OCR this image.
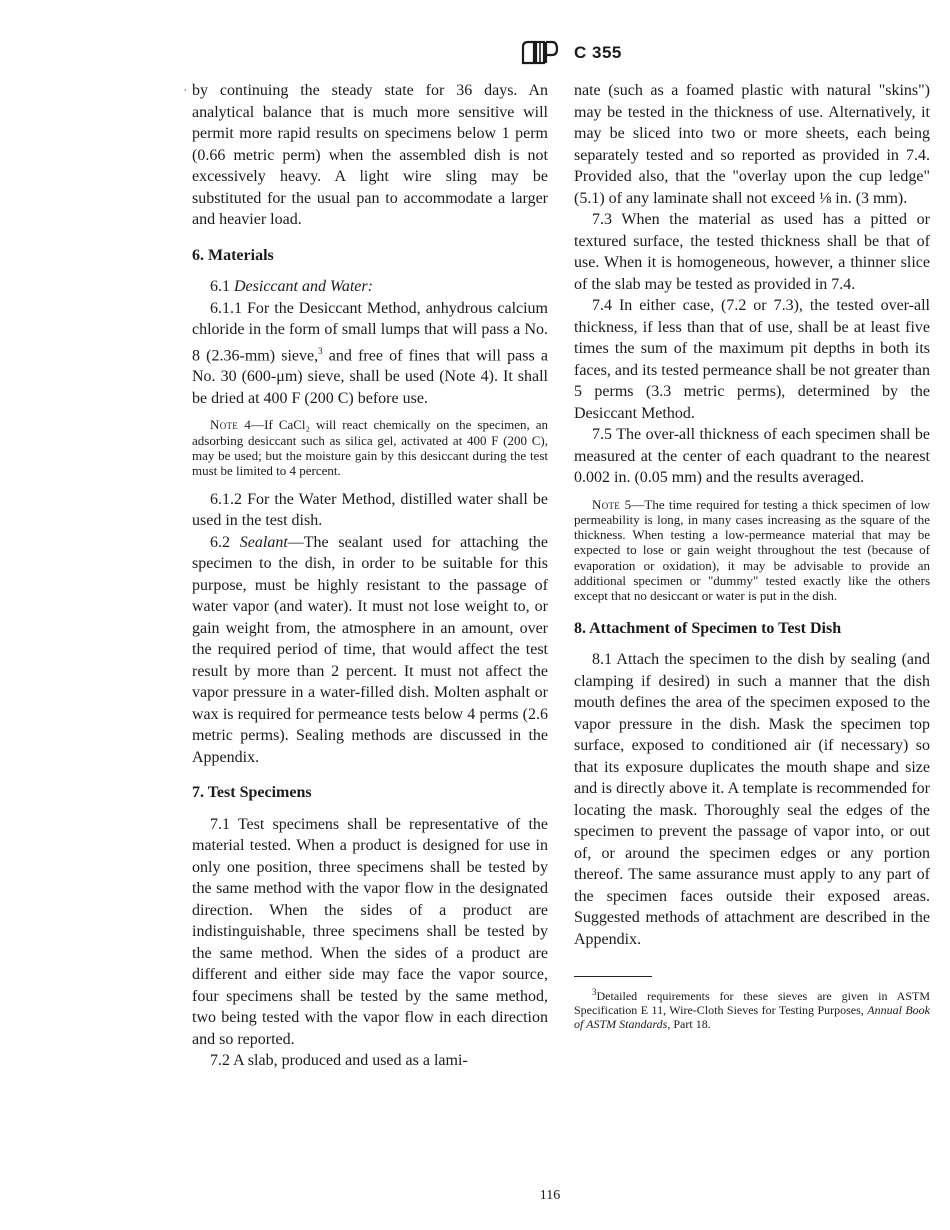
C 355
· by continuing the steady state for 36 days. An analytical balance that is much more sensitive will permit more rapid results on specimens below 1 perm (0.66 metric perm) when the assembled dish is not excessively heavy. A light wire sling may be substituted for the usual pan to accommodate a larger and heavier load.

6. Materials

6.1 Desiccant and Water:

6.1.1 For the Desiccant Method, anhydrous calcium chloride in the form of small lumps that will pass a No. 8 (2.36-mm) sieve,$^3$ and free of fines that will pass a No. 30 (600-μm) sieve, shall be used (Note 4). It shall be dried at 400 F (200 C) before use.

Note 4—If CaCl₂ will react chemically on the specimen, an adsorbing desiccant such as silica gel, activated at 400 F (200 C), may be used; but the moisture gain by this desiccant during the test must be limited to 4 percent.

6.1.2 For the Water Method, distilled water shall be used in the test dish.

6.2 Sealant—The sealant used for attaching the specimen to the dish, in order to be suitable for this purpose, must be highly resistant to the passage of water vapor (and water). It must not lose weight to, or gain weight from, the atmosphere in an amount, over the required period of time, that would affect the test result by more than 2 percent. It must not affect the vapor pressure in a water-filled dish. Molten asphalt or wax is required for permeance tests below 4 perms (2.6 metric perms). Sealing methods are discussed in the Appendix.

7. Test Specimens

7.1 Test specimens shall be representative of the material tested. When a product is designed for use in only one position, three specimens shall be tested by the same method with the vapor flow in the designated direction. When the sides of a product are indistinguishable, three specimens shall be tested by the same method. When the sides of a product are different and either side may face the vapor source, four specimens shall be tested by the same method, two being tested with the vapor flow in each direction and so reported.

7.2 A slab, produced and used as a lami-

nate (such as a foamed plastic with natural "skins") may be tested in the thickness of use. Alternatively, it may be sliced into two or more sheets, each being separately tested and so reported as provided in 7.4. Provided also, that the "overlay upon the cup ledge" (5.1) of any laminate shall not exceed ⅛ in. (3 mm).

7.3 When the material as used has a pitted or textured surface, the tested thickness shall be that of use. When it is homogeneous, however, a thinner slice of the slab may be tested as provided in 7.4.

7.4 In either case, (7.2 or 7.3), the tested over-all thickness, if less than that of use, shall be at least five times the sum of the maximum pit depths in both its faces, and its tested permeance shall be not greater than 5 perms (3.3 metric perms), determined by the Desiccant Method.

7.5 The over-all thickness of each specimen shall be measured at the center of each quadrant to the nearest 0.002 in. (0.05 mm) and the results averaged.

Note 5—The time required for testing a thick specimen of low permeability is long, in many cases increasing as the square of the thickness. When testing a low-permeance material that may be expected to lose or gain weight throughout the test (because of evaporation or oxidation), it may be advisable to provide an additional specimen or "dummy" tested exactly like the others except that no desiccant or water is put in the dish.

8. Attachment of Specimen to Test Dish

8.1 Attach the specimen to the dish by sealing (and clamping if desired) in such a manner that the dish mouth defines the area of the specimen exposed to the vapor pressure in the dish. Mask the specimen top surface, exposed to conditioned air (if necessary) so that its exposure duplicates the mouth shape and size and is directly above it. A template is recommended for locating the mask. Thoroughly seal the edges of the specimen to prevent the passage of vapor into, or out of, or around the specimen edges or any portion thereof. The same assurance must apply to any part of the specimen faces outside their exposed areas. Suggested methods of attachment are described in the Appendix.

$^3$Detailed requirements for these sieves are given in ASTM Specification E 11, Wire-Cloth Sieves for Testing Purposes, Annual Book of ASTM Standards, Part 18.

116
